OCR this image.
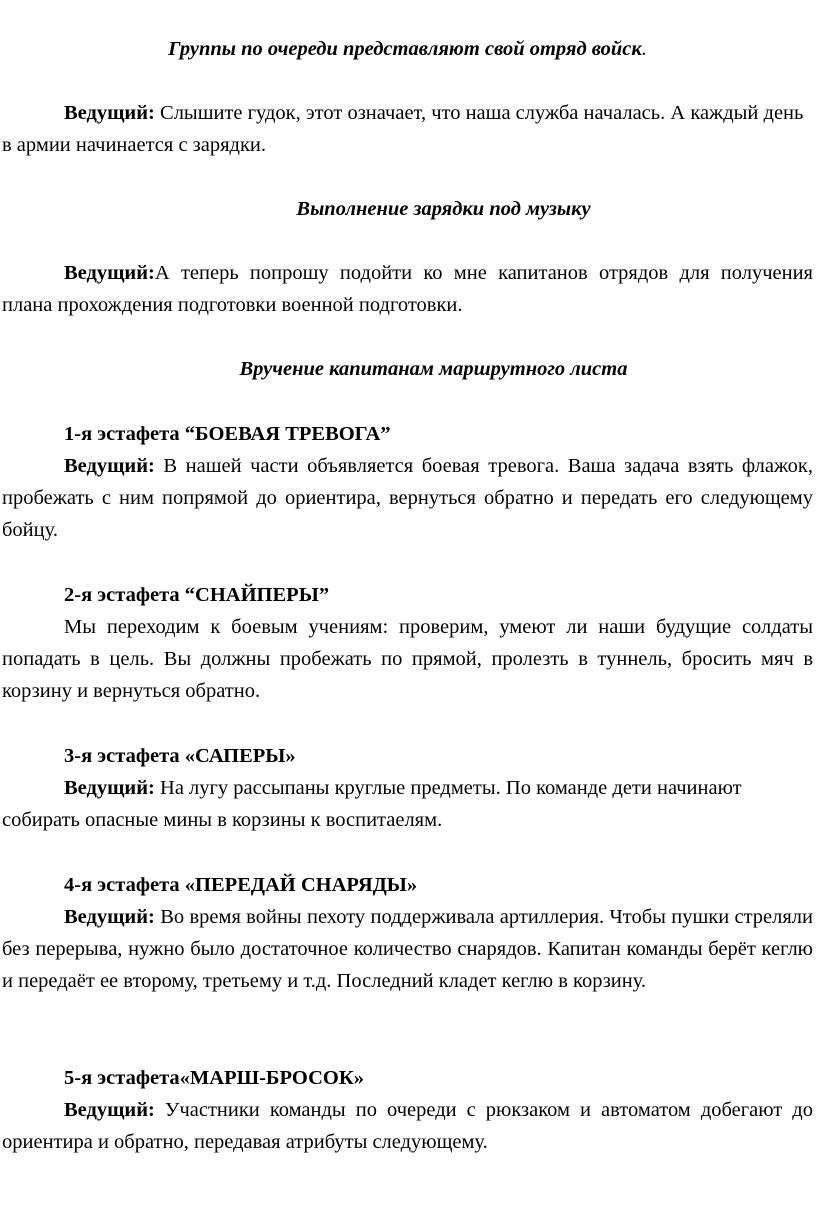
Группы по очереди представляют свой отряд войск.

Ведущий: Слышите гудок, этот означает, что наша служба началась. А каждый день в армии начинается с зарядки.

Выполнение зарядки под музыку

Ведущий:А теперь попрошу подойти ко мне капитанов отрядов для получения плана прохождения подготовки военной подготовки.

Вручение капитанам маршрутного листа

1-я эстафета “БОЕВАЯ ТРЕВОГА”

Ведущий: В нашей части объявляется боевая тревога. Ваша задача взять флажок, пробежать с ним попрямой до ориентира, вернуться обратно и передать его следующему бойцу.

2-я эстафета “СНАЙПЕРЫ”

Мы переходим к боевым учениям: проверим, умеют ли наши будущие солдаты попадать в цель. Вы должны пробежать по прямой, пролезть в туннель, бросить мяч в корзину и вернуться обратно.

3-я эстафета «САПЕРЫ»

Ведущий: На лугу рассыпаны круглые предметы. По команде дети начинают собирать опасные мины в корзины к воспитаелям.

4-я эстафета «ПЕРЕДАЙ СНАРЯДЫ»

Ведущий: Во время войны пехоту поддерживала артиллерия. Чтобы пушки стреляли без перерыва, нужно было достаточное количество снарядов. Капитан команды берёт кеглю и передаёт ее второму, третьему и т.д. Последний кладет кеглю в корзину.

5-я эстафета«МАРШ-БРОСОК»

Ведущий: Участники команды по очереди с рюкзаком и автоматом добегают до ориентира и обратно, передавая атрибуты следующему.
